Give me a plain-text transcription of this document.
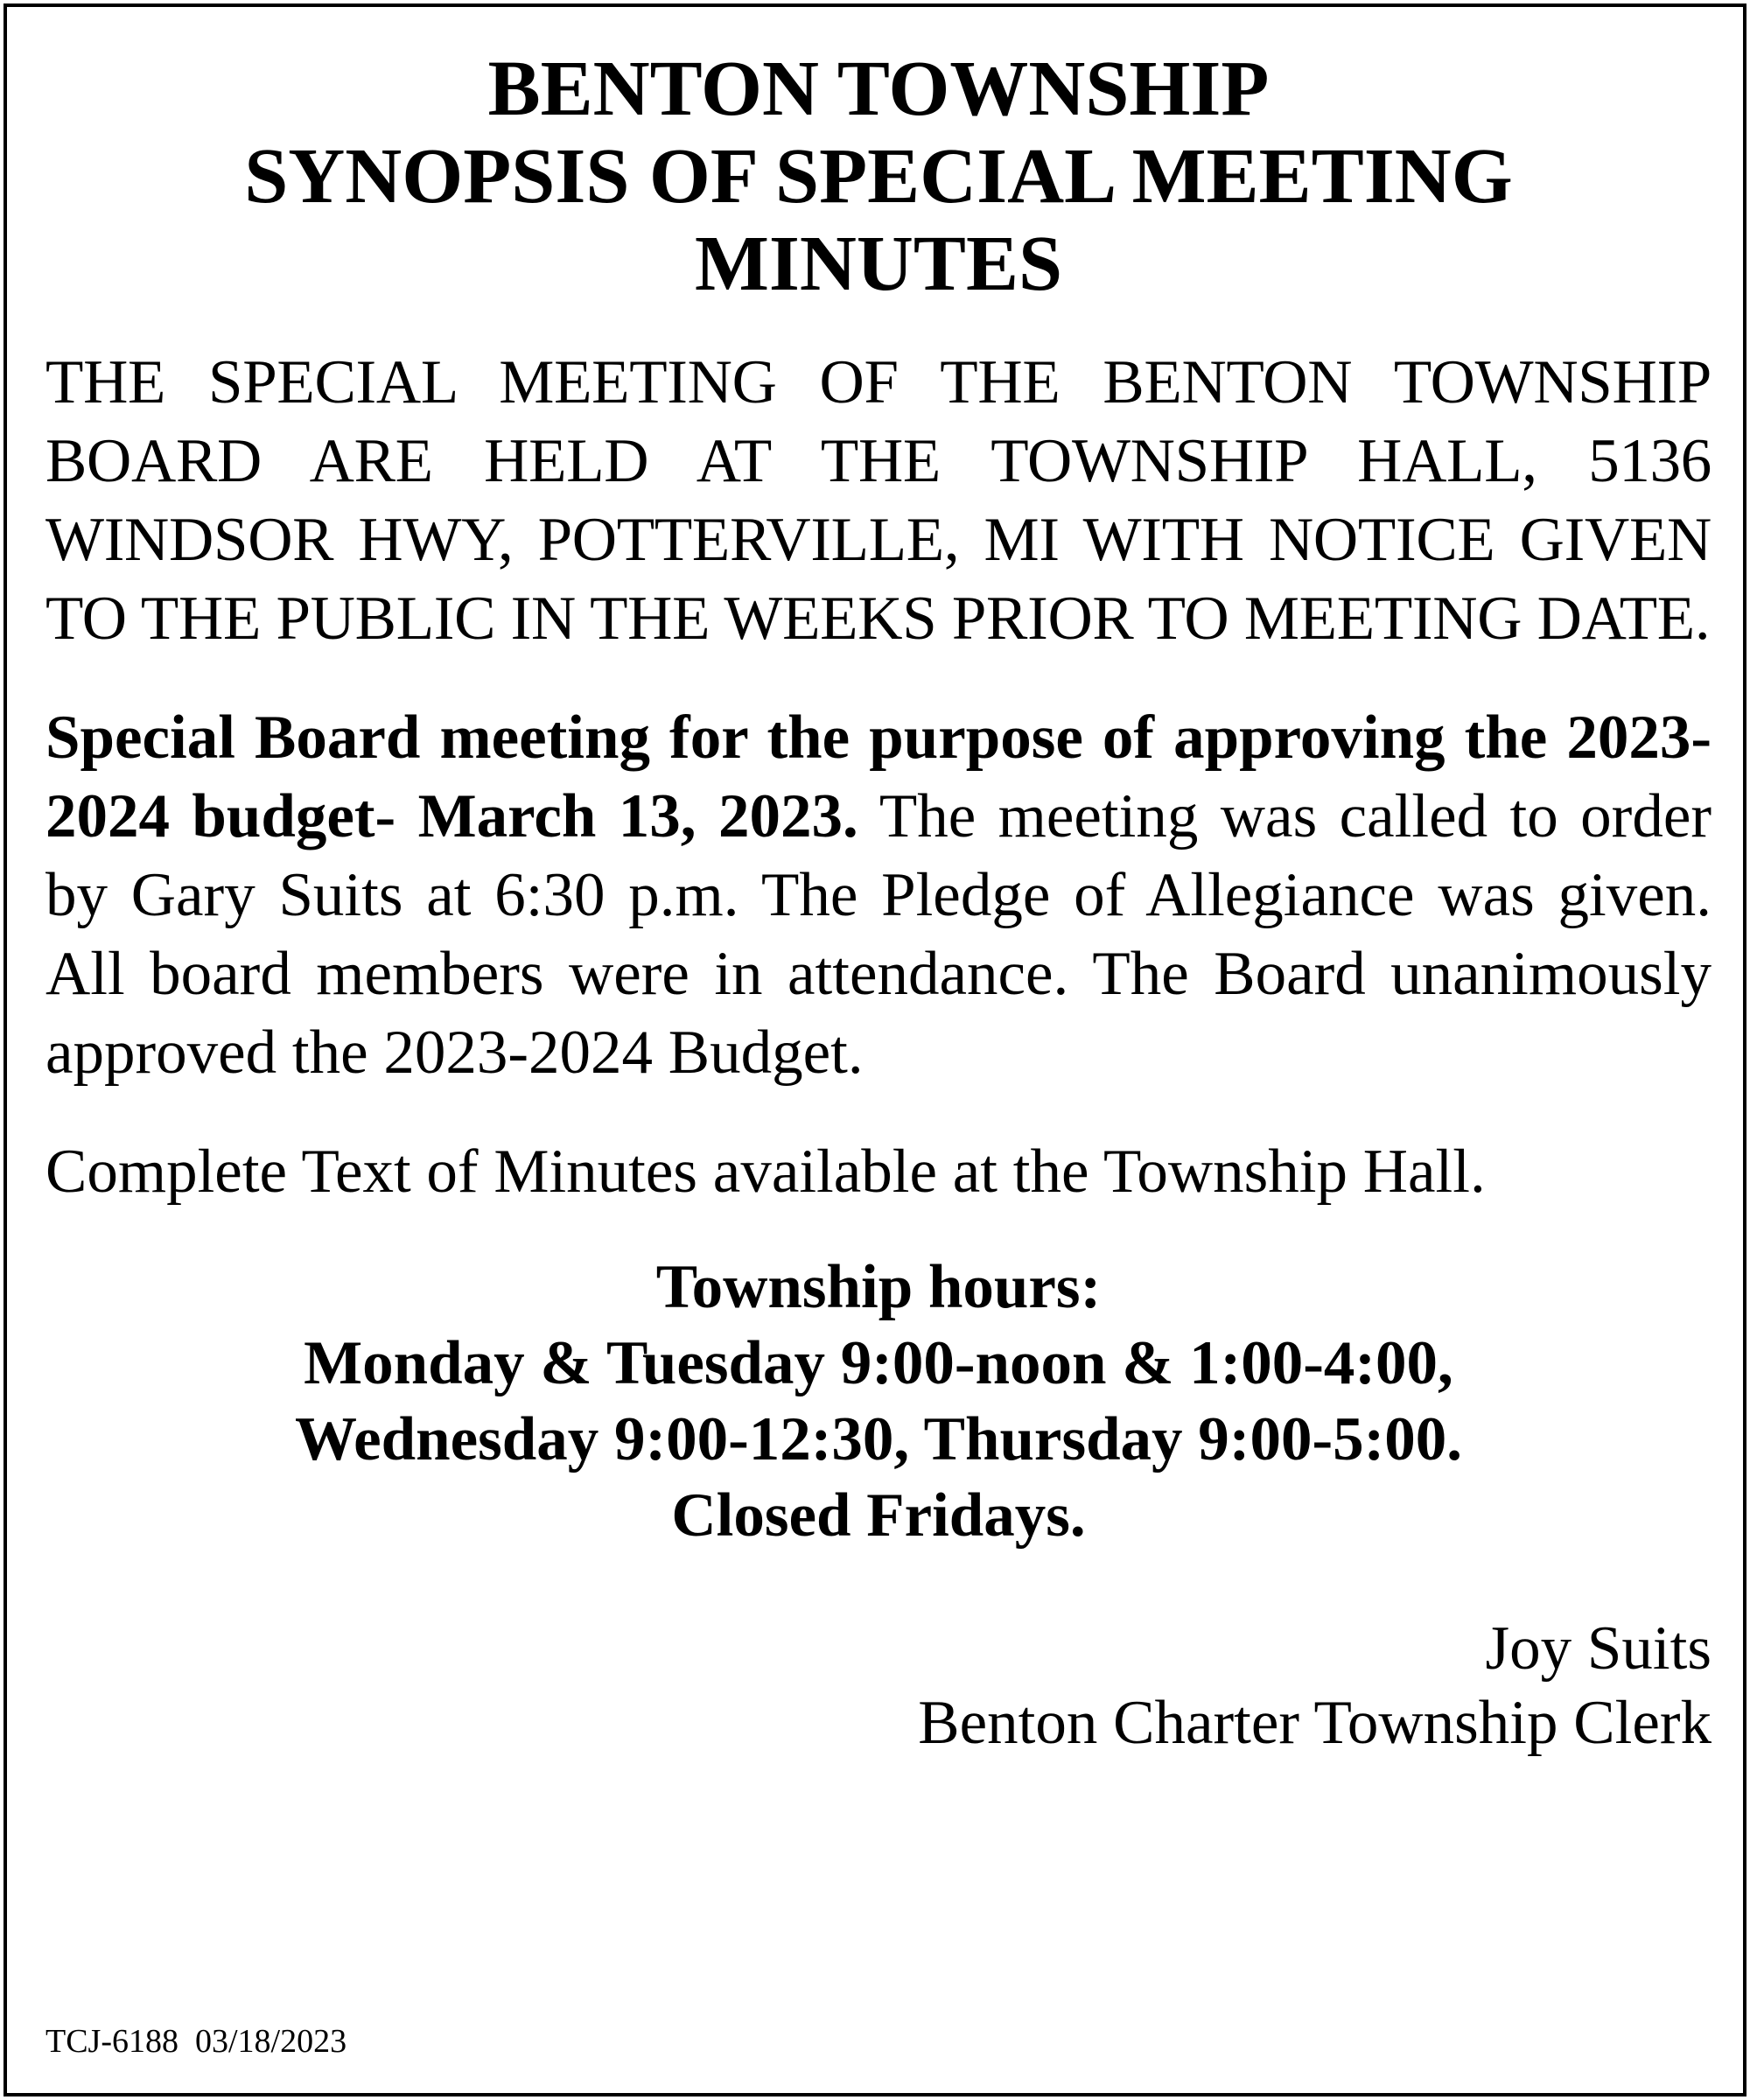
BENTON TOWNSHIP
SYNOPSIS OF SPECIAL MEETING
MINUTES
THE SPECIAL MEETING OF THE BENTON TOWNSHIP BOARD ARE HELD AT THE TOWNSHIP HALL, 5136 WINDSOR HWY, POTTERVILLE, MI WITH NOTICE GIVEN TO THE PUBLIC IN THE WEEKS PRIOR TO MEETING DATE.
Special Board meeting for the purpose of approving the 2023-2024 budget- March 13, 2023. The meeting was called to order by Gary Suits at 6:30 p.m. The Pledge of Allegiance was given. All board members were in attendance. The Board unanimously approved the 2023-2024 Budget.
Complete Text of Minutes available at the Township Hall.
Township hours:
Monday & Tuesday 9:00-noon & 1:00-4:00,
Wednesday 9:00-12:30, Thursday 9:00-5:00.
Closed Fridays.
Joy Suits
Benton Charter Township Clerk
TCJ-6188  03/18/2023
